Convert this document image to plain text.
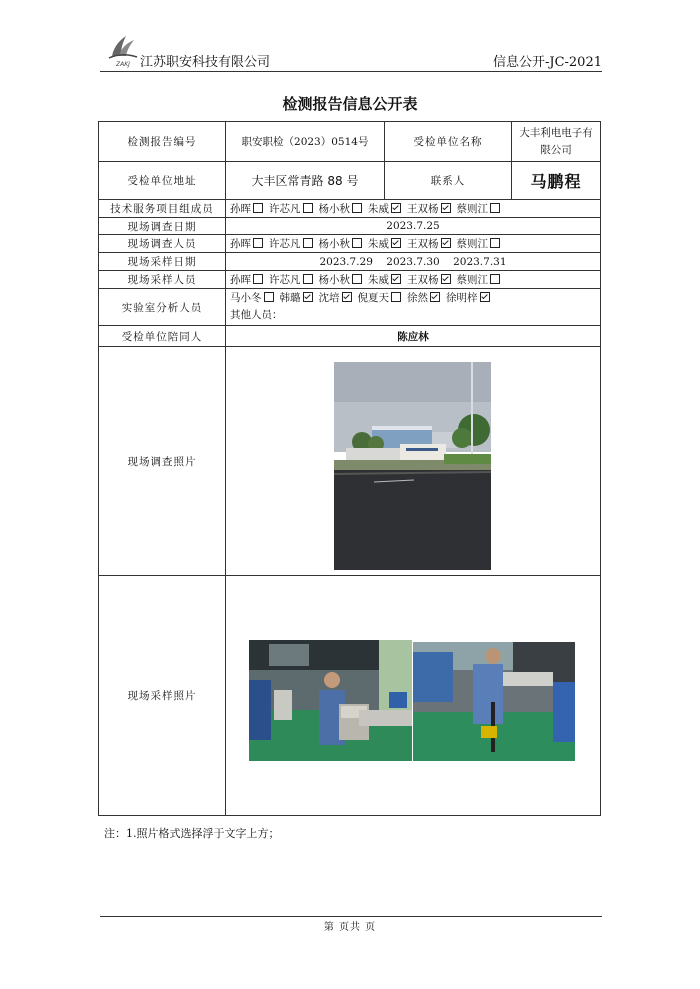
ZAKJ 江苏职安科技有限公司	信息公开-JC-2021
检测报告信息公开表
检测报告编号	职安职检（2023）0514号	受检单位名称	大丰利电电子有限公司
受检单位地址	大丰区常青路 88 号	联系人	马鹏程
技术服务项目组成员	孙晖 许芯凡 杨小秋 朱威 王双杨 蔡则江		
现场调查日期	2023.7.25		
现场调查人员	孙晖 许芯凡 杨小秋 朱威 王双杨 蔡则江		
现场采样日期	2023.7.29 2023.7.30 2023.7.31		
现场采样人员	孙晖 许芯凡 杨小秋 朱威 王双杨 蔡则江		
实验室分析人员	马小冬 韩璐 沈培 倪夏天 徐然 徐明梓
其他人员：		

受检单位陪同人	陈应林		
现场调查照片			
现场采样照片			
注：1.照片格式选择浮于文字上方；
第 页共 页
